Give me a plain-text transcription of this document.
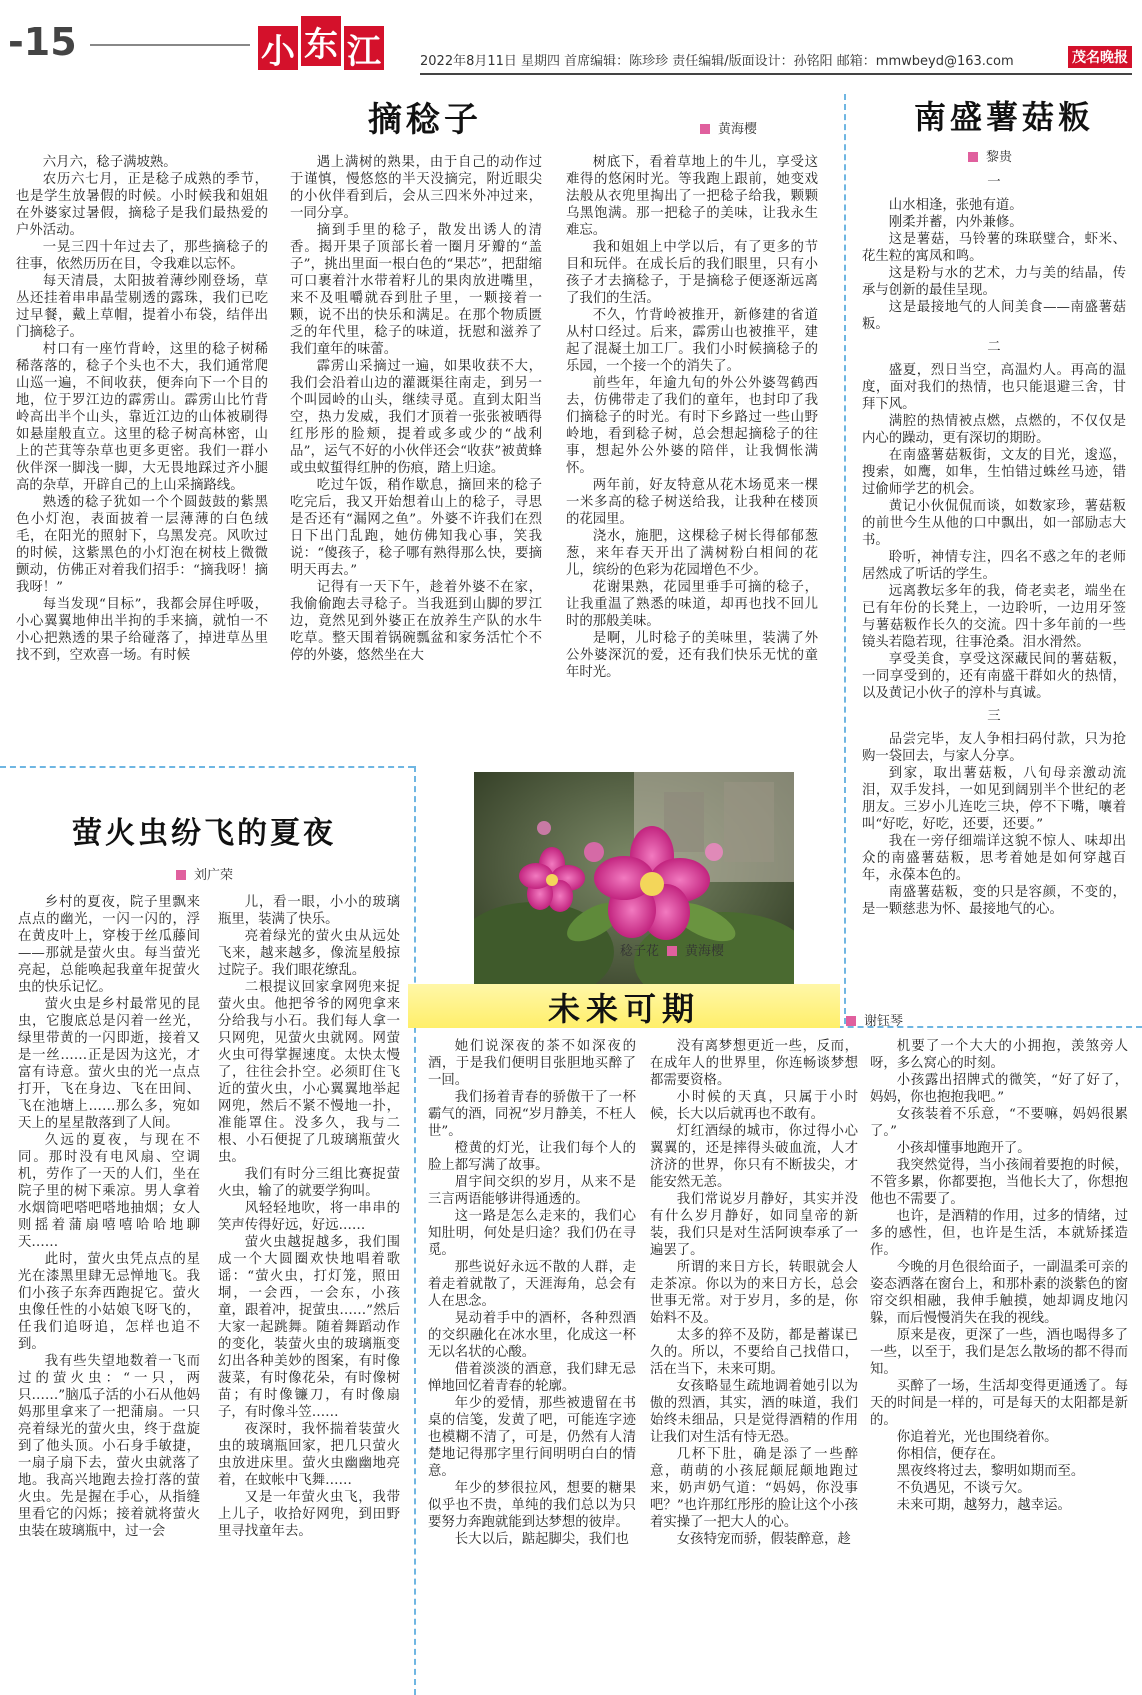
-15	小 东 江	2022年8月11日 星期四 首席编辑：陈珍珍 责任编辑/版面设计：孙铭阳 邮箱：mmwbeyd@163.com	茂名晚报
摘稔子	黄海樱

六月六，稔子满坡熟。

农历六七月，正是稔子成熟的季节，也是学生放暑假的时候。小时候我和姐姐在外婆家过暑假，摘稔子是我们最热爱的户外活动。

一晃三四十年过去了，那些摘稔子的往事，依然历历在目，令我难以忘怀。

每天清晨，太阳披着薄纱刚登场，草丛还挂着串串晶莹剔透的露珠，我们已吃过早餐，戴上草帽，提着小布袋，结伴出门摘稔子。

村口有一座竹背岭，这里的稔子树稀稀落落的，稔子个头也不大，我们通常爬山巡一遍，不间收获，便奔向下一个目的地，位于罗江边的霹雳山。霹雳山比竹背岭高出半个山头，靠近江边的山体被刷得如悬崖般直立。这里的稔子树高林密，山上的芒萁等杂草也更多更密。我们一群小伙伴深一脚浅一脚，大无畏地踩过齐小腿高的杂草，开辟自己的上山采摘路线。

熟透的稔子犹如一个个圆鼓鼓的紫黑色小灯泡，表面披着一层薄薄的白色绒毛，在阳光的照射下，乌黑发亮。风吹过的时候，这紫黑色的小灯泡在树枝上微微颤动，仿佛正对着我们招手：“摘我呀！摘我呀！”

每当发现“目标”，我都会屏住呼吸，小心翼翼地伸出半拘的手来摘，就怕一不小心把熟透的果子给碰落了，掉进草丛里找不到，空欢喜一场。有时候

遇上满树的熟果，由于自己的动作过于谨慎，慢悠悠的半天没摘完，附近眼尖的小伙伴看到后，会从三四米外冲过来，一同分享。

摘到手里的稔子，散发出诱人的清香。揭开果子顶部长着一圈月牙瓣的“盖子”，挑出里面一根白色的“果芯”，把甜缩可口裹着汁水带着籽儿的果肉放进嘴里，来不及咀嚼就吞到肚子里，一颗接着一颗，说不出的快乐和满足。在那个物质匮乏的年代里，稔子的味道，抚慰和滋养了我们童年的味蕾。

霹雳山采摘过一遍，如果收获不大，我们会沿着山边的灌溉渠往南走，到另一个叫园岭的山头，继续寻觅。直到太阳当空，热力发威，我们才顶着一张张被晒得红彤彤的脸颊，提着或多或少的“战利品”，运气不好的小伙伴还会“收获”被黄蜂或虫蚁蜇得红肿的伤痕，踏上归途。

吃过午饭，稍作歇息，摘回来的稔子吃完后，我又开始想着山上的稔子，寻思是否还有“漏网之鱼”。外婆不许我们在烈日下出门乱跑，她仿佛知我心事，笑我说：“傻孩子，稔子哪有熟得那么快，要摘明天再去。”

记得有一天下午，趁着外婆不在家，我偷偷跑去寻稔子。当我逛到山脚的罗江边，竟然见到外婆正在放养生产队的水牛吃草。整天围着锅碗瓢盆和家务活忙个不停的外婆，悠然坐在大

树底下，看着草地上的牛儿，享受这难得的悠闲时光。等我跑上跟前，她变戏法般从衣兜里掏出了一把稔子给我，颗颗乌黑饱满。那一把稔子的美味，让我永生难忘。

我和姐姐上中学以后，有了更多的节目和玩伴。在成长后的我们眼里，只有小孩子才去摘稔子，于是摘稔子便逐渐远离了我们的生活。

不久，竹背岭被推开，新修建的省道从村口经过。后来，霹雳山也被推平，建起了混凝土加工厂。我们小时候摘稔子的乐园，一个接一个的消失了。

前些年，年逾九旬的外公外婆驾鹤西去，仿佛带走了我们的童年，也封印了我们摘稔子的时光。有时下乡路过一些山野岭地，看到稔子树，总会想起摘稔子的往事，想起外公外婆的陪伴，让我惆怅满怀。

两年前，好友特意从花木场觅来一棵一米多高的稔子树送给我，让我种在楼顶的花园里。

浇水，施肥，这棵稔子树长得郁郁葱葱，来年春天开出了满树粉白相间的花儿，缤纷的色彩为花园增色不少。

花谢果熟，花园里垂手可摘的稔子，让我重温了熟悉的味道，却再也找不回儿时的那般美味。

是啊，儿时稔子的美味里，装满了外公外婆深沉的爱，还有我们快乐无忧的童年时光。

南盛薯菇粄
黎贵

一

山水相逢，张弛有道。

刚柔并蓄，内外兼修。

这是薯菇，马铃薯的珠联璧合，虾米、花生粒的寓凤和鸣。

这是粉与水的艺术，力与美的结晶，传承与创新的最佳呈现。

这是最接地气的人间美食——南盛薯菇粄。

二

盛夏，烈日当空，高温灼人。再高的温度，面对我们的热情，也只能退避三舍，甘拜下风。

满腔的热情被点燃，点燃的，不仅仅是内心的躁动，更有深切的期盼。

在南盛薯菇粄街，文友的目光，逡巡，搜索，如鹰，如隼，生怕错过蛛丝马迹，错过偷师学艺的机会。

黄记小伙侃侃而谈，如数家珍，薯菇粄的前世今生从他的口中飘出，如一部励志大书。

聆听，神情专注，四名不惑之年的老师居然成了听话的学生。

远离教坛多年的我，倚老卖老，端坐在已有年份的长凳上，一边聆听，一边用牙签与薯菇粄作长久的交流。四十多年前的一些镜头若隐若现，往事沧桑。泪水滑然。

享受美食，享受这深藏民间的薯菇粄，一同享受到的，还有南盛干群如火的热情，以及黄记小伙子的淳朴与真诚。

三

品尝完毕，友人争相扫码付款，只为抢购一袋回去，与家人分享。

到家，取出薯菇粄，八旬母亲激动流泪，双手发抖，一如见到阔别半个世纪的老朋友。三岁小儿连吃三块，停不下嘴，嚷着叫“好吃，好吃，还要，还要。”

我在一旁仔细端详这貌不惊人、味却出众的南盛薯菇粄，思考着她是如何穿越百年，永葆本色的。

南盛薯菇粄，变的只是容颜，不变的，是一颗慈悲为怀、最接地气的心。

萤火虫纷飞的夏夜
刘广荣

乡村的夏夜，院子里飘来点点的幽光，一闪一闪的，浮在黄皮叶上，穿梭于丝瓜藤间——那就是萤火虫。每当萤光亮起，总能唤起我童年捉萤火虫的快乐记忆。

萤火虫是乡村最常见的昆虫，它腹底总是闪着一丝光，绿里带黄的一闪即逝，接着又是一丝……正是因为这光，才富有诗意。萤火虫的光一点点打开，飞在身边、飞在田间、飞在池塘上……那么多，宛如天上的星星散落到了人间。

久远的夏夜，与现在不同。那时没有电风扇、空调机，劳作了一天的人们，坐在院子里的树下乘凉。男人拿着水烟筒吧嗒吧嗒地抽烟；女人则摇着蒲扇嘻嘻哈哈地聊天……

此时，萤火虫凭点点的星光在漆黑里肆无忌惮地飞。我们小孩子东奔西跑捉它。萤火虫像任性的小姑娘飞呀飞的，任我们追呀追，怎样也追不到。

我有些失望地数着一飞而过的萤火虫：“一只，两只……”脑瓜子活的小石从他妈妈那里拿来了一把蒲扇。一只亮着绿光的萤火虫，终于盘旋到了他头顶。小石身手敏捷，一扇子扇下去，萤火虫就落了地。我高兴地跑去捡打落的萤火虫。先是握在手心，从指缝里看它的闪烁；接着就将萤火虫装在玻璃瓶中，过一会

儿，看一眼，小小的玻璃瓶里，装满了快乐。

亮着绿光的萤火虫从远处飞来，越来越多，像流星般掠过院子。我们眼花缭乱。

二根提议回家拿网兜来捉萤火虫。他把爷爷的网兜拿来分给我与小石。我们每人拿一只网兜，见萤火虫就网。网萤火虫可得掌握速度。太快太慢了，往往会扑空。必须盯住飞近的萤火虫，小心翼翼地举起网兜，然后不紧不慢地一扑，准能罩住。没多久，我与二根、小石便捉了几玻璃瓶萤火虫。

我们有时分三组比赛捉萤火虫，输了的就要学狗叫。

风轻轻地吹，将一串串的笑声传得好远，好远……

萤火虫越捉越多，我们围成一个大圆圈欢快地唱着歌谣：“萤火虫，打灯笼，照田垌，一会西，一会东，小孩童，跟着冲，捉萤虫……”然后大家一起跳舞。随着舞蹈动作的变化，装萤火虫的玻璃瓶变幻出各种美妙的图案，有时像菠菜，有时像花朵，有时像树苗；有时像镰刀，有时像扇子，有时像斗笠……

夜深时，我怀揣着装萤火虫的玻璃瓶回家，把几只萤火虫放进床里。萤火虫幽幽地亮着，在蚊帐中飞舞……

又是一年萤火虫飞，我带上儿子，收拾好网兜，到田野里寻找童年去。

稔子花 黄海樱
未来可期	谢钰琴

她们说深夜的茶不如深夜的酒，于是我们便明目张胆地买醉了一回。

我们扬着青春的骄傲干了一杯霸气的酒，同祝“岁月静美，不枉人世”。

橙黄的灯光，让我们每个人的脸上都写满了故事。

眉宇间交织的岁月，从来不是三言两语能够讲得通透的。

这一路是怎么走来的，我们心知肚明，何处是归途？我们仍在寻觅。

那些说好永远不散的人群，走着走着就散了，天涯海角，总会有人在思念。

晃动着手中的酒杯，各种烈酒的交织融化在冰水里，化成这一杯无以名状的心酸。

借着淡淡的酒意，我们肆无忌惮地回忆着青春的轮廓。

年少的爱情，那些被遗留在书桌的信笺，发黄了吧，可能连字迹也模糊不清了，可是，仍然有人清楚地记得那字里行间明明白白的情意。

年少的梦很拉风，想要的糖果似乎也不贵，单纯的我们总以为只要努力奔跑就能到达梦想的彼岸。

长大以后，踮起脚尖，我们也

没有离梦想更近一些，反而，在成年人的世界里，你连畅谈梦想都需要资格。

小时候的天真，只属于小时候，长大以后就再也不敢有。

灯红酒绿的城市，你过得小心翼翼的，还是摔得头破血流，人才济济的世界，你只有不断拔尖，才能安然无恙。

我们常说岁月静好，其实并没有什么岁月静好，如同皇帝的新装，我们只是对生活阿谀奉承了一遍罢了。

所谓的来日方长，转眼就会人走茶凉。你以为的来日方长，总会世事无常。对于岁月，多的是，你始料不及。

太多的猝不及防，都是蓄谋已久的。所以，不要给自己找借口，活在当下，未来可期。

女孩略显生疏地调着她引以为傲的烈酒，其实，酒的味道，我们始终未细品，只是觉得酒精的作用让我们对生活有恃无恐。

几杯下肚，确是添了一些醉意，萌萌的小孩屁颠屁颠地跑过来，奶声奶气道：“妈妈，你没事吧？”也许那红彤彤的脸让这个小孩着实操了一把大人的心。

女孩特宠而骄，假装醉意，趁

机要了一个大大的小拥抱，羡煞旁人呀，多么窝心的时刻。

小孩露出招牌式的微笑，“好了好了，妈妈，你也抱抱我吧。”

女孩装着不乐意，“不要嘛，妈妈很累了。”

小孩却懂事地跑开了。

我突然觉得，当小孩闹着要抱的时候，不管多累，你都要抱，当他长大了，你想抱他也不需要了。

也许，是酒精的作用，过多的情绪，过多的感性，但，也许是生活，本就矫揉造作。

今晚的月色很给面子，一副温柔可亲的姿态洒落在窗台上，和那朴素的淡紫色的窗帘交织相融，我伸手触摸，她却调皮地闪躲，而后慢慢消失在我的视线。

原来是夜，更深了一些，酒也喝得多了一些，以至于，我们是怎么散场的都不得而知。

买醉了一场，生活却变得更通透了。每天的时间是一样的，可是每天的太阳都是新的。

你追着光，光也围绕着你。

你相信，便存在。

黑夜终将过去，黎明如期而至。

不负遇见，不谈亏欠。

未来可期，越努力，越幸运。
